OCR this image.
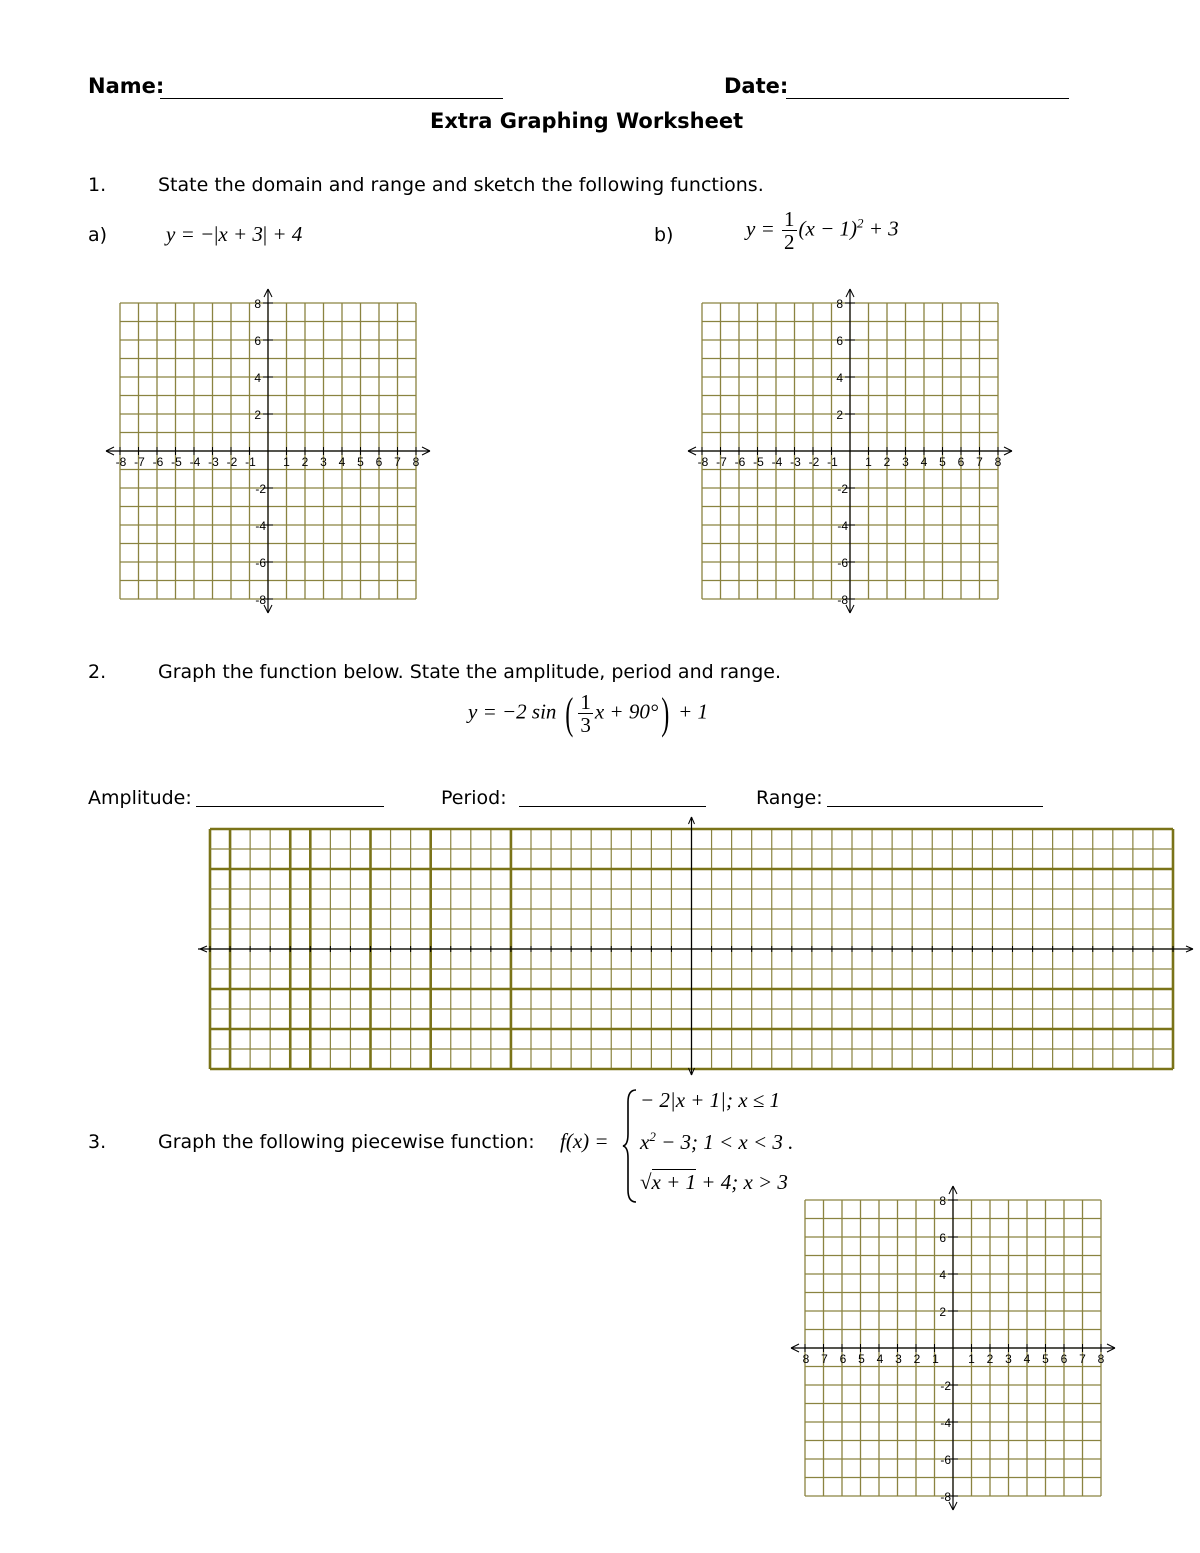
Name:	Date:
Extra Graphing Worksheet
1.	State the domain and range and sketch the following functions.
a)	y = −|x + 3| + 4	b)	$y = \frac{1}{2} (x - 1)^2 + 3$
-8 -7 -6 -5 -4 -3 -2 -1 1 2 3 4 5 6 7 8
2
4
6
8
-2
-4
-6
-8
-8 -7 -6 -5 -4 -3 -2 -1 1 2 3 4 5 6 7 8
2
4
6
8
-2
-4
-6
-8
2.	Graph the function below. State the amplitude, period and range.
y = −2 sin ( $\frac{1}{3}$ x + 90°) + 1
Amplitude:	Period:	Range:
3.	Graph the following piecewise function: f(x) =
− 2|x + 1|; x ≤ 1
$x^2 - 3$; 1 < x < 3 .
√x + 1 + 4; x > 3
8 7 6 5 4 3 2 1 1 2 3 4 5 6 7 8
2
4
6
8
-2
-4
-6
-8
